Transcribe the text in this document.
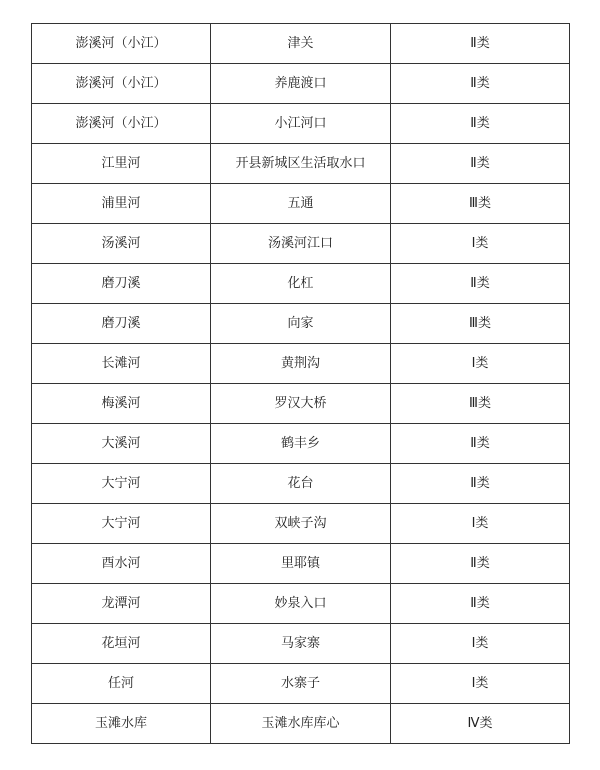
澎溪河（小江）	津关	Ⅱ类
澎溪河（小江）	养鹿渡口	Ⅱ类
澎溪河（小江）	小江河口	Ⅱ类
江里河	开县新城区生活取水口	Ⅱ类
浦里河	五通	Ⅲ类
汤溪河	汤溪河江口	Ⅰ类
磨刀溪	化杠	Ⅱ类
磨刀溪	向家	Ⅲ类
长滩河	黄荆沟	Ⅰ类
梅溪河	罗汉大桥	Ⅲ类
大溪河	鹤丰乡	Ⅱ类
大宁河	花台	Ⅱ类
大宁河	双峡子沟	Ⅰ类
酉水河	里耶镇	Ⅱ类
龙潭河	妙泉入口	Ⅱ类
花垣河	马家寨	Ⅰ类
任河	水寨子	Ⅰ类
玉滩水库	玉滩水库库心	Ⅳ类
